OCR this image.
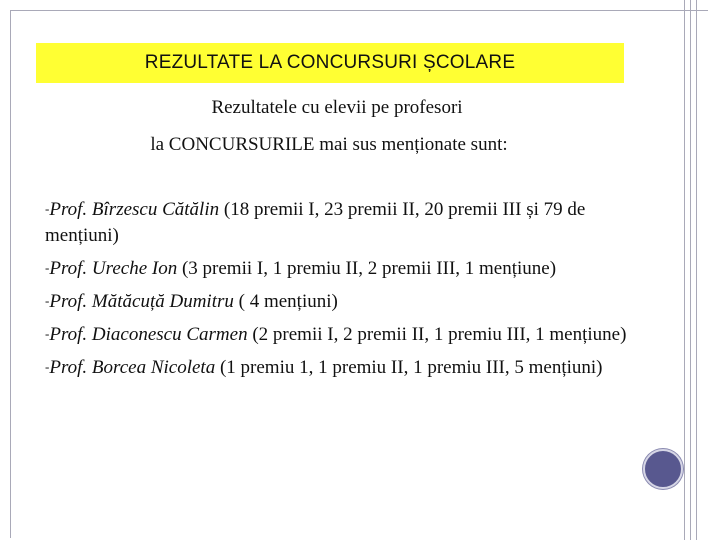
REZULTATE LA CONCURSURI ȘCOLARE
Rezultatele cu elevii pe profesori
la CONCURSURILE mai sus menționate sunt:
-Prof. Bîrzescu Cătălin (18 premii I, 23 premii II, 20 premii III și 79 de mențiuni)
-Prof. Ureche Ion (3 premii I, 1 premiu II, 2 premii III, 1 mențiune)
-Prof. Mătăcuță Dumitru ( 4 mențiuni)
-Prof. Diaconescu Carmen (2 premii I, 2 premii II, 1 premiu III, 1 mențiune)
-Prof. Borcea Nicoleta (1 premiu 1, 1 premiu II, 1 premiu III, 5 mențiuni)
